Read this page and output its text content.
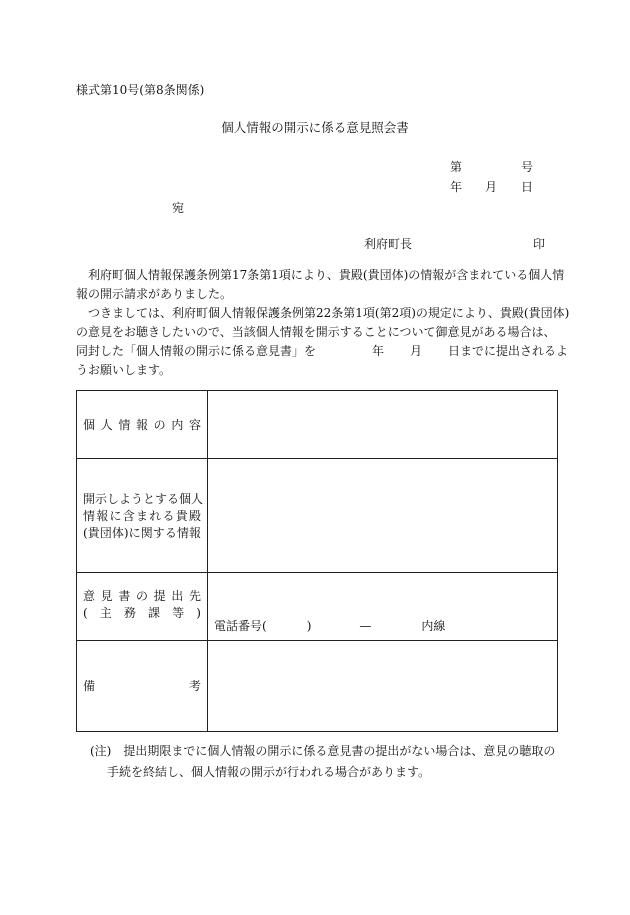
様式第10号(第8条関係)
個人情報の開示に係る意見照会書
第	号
年 月 日
宛
利府町長	印
利府町個人情報保護条例第17条第1項により、貴殿(貴団体)の情報が含まれている個人情
報の開示請求がありました。
つきましては、利府町個人情報保護条例第22条第1項(第2項)の規定により、貴殿(貴団体)
の意見をお聴きしたいので、当該個人情報を開示することについて御意見がある場合は、
同封した「個人情報の開示に係る意見書」を	年 月 日までに提出されるよ
うお願いします。
個人情報の内容	

開示しようとする個人
情報に含まれる貴殿
(貴団体)に関する情報	

意見書の提出先
(主務課等)	電話番号( ) — 内線

備 考	

(注) 提出期限までに個人情報の開示に係る意見書の提出がない場合は、意見の聴取の
手続を終結し、個人情報の開示が行われる場合があります。
